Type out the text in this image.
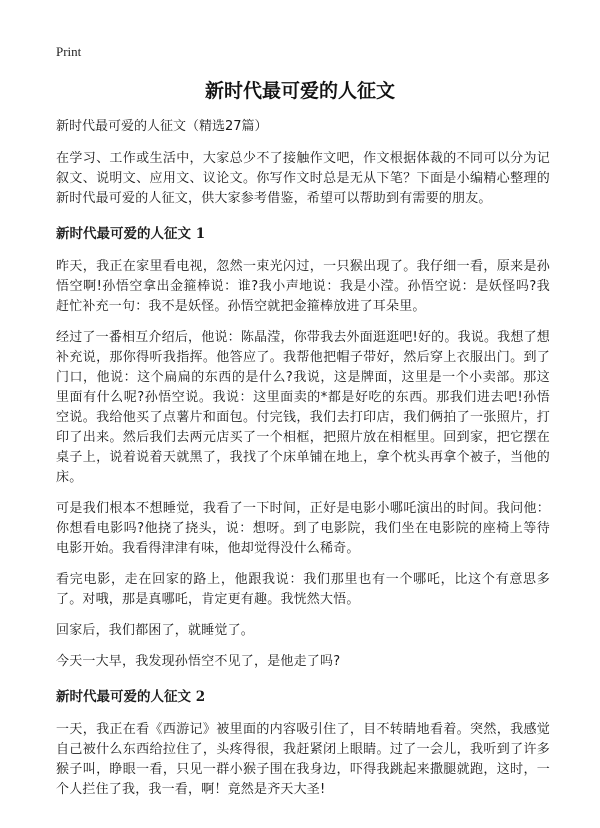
Print
新时代最可爱的人征文
新时代最可爱的人征文（精选27篇）

在学习、工作或生活中，大家总少不了接触作文吧，作文根据体裁的不同可以分为记叙文、说明文、应用文、议论文。你写作文时总是无从下笔？下面是小编精心整理的新时代最可爱的人征文，供大家参考借鉴，希望可以帮助到有需要的朋友。

新时代最可爱的人征文 1

昨天，我正在家里看电视，忽然一束光闪过，一只猴出现了。我仔细一看，原来是孙悟空啊!孙悟空拿出金箍棒说：谁?我小声地说：我是小滢。孙悟空说：是妖怪吗?我赶忙补充一句：我不是妖怪。孙悟空就把金箍棒放进了耳朵里。

经过了一番相互介绍后，他说：陈晶滢，你带我去外面逛逛吧!好的。我说。我想了想补充说，那你得听我指挥。他答应了。我帮他把帽子带好，然后穿上衣服出门。到了门口，他说：这个扁扁的东西的是什么?我说，这是牌面，这里是一个小卖部。那这里面有什么呢?孙悟空说。我说：这里面卖的*都是好吃的东西。那我们进去吧!孙悟空说。我给他买了点薯片和面包。付完钱，我们去打印店，我们俩拍了一张照片，打印了出来。然后我们去两元店买了一个相框，把照片放在相框里。回到家，把它摆在桌子上，说着说着天就黑了，我找了个床单铺在地上，拿个枕头再拿个被子，当他的床。

可是我们根本不想睡觉，我看了一下时间，正好是电影小哪吒演出的时间。我问他：你想看电影吗?他挠了挠头，说：想呀。到了电影院，我们坐在电影院的座椅上等待电影开始。我看得津津有味，他却觉得没什么稀奇。

看完电影，走在回家的路上，他跟我说：我们那里也有一个哪吒，比这个有意思多了。对哦，那是真哪吒，肯定更有趣。我恍然大悟。

回家后，我们都困了，就睡觉了。

今天一大早，我发现孙悟空不见了，是他走了吗?

新时代最可爱的人征文 2

一天，我正在看《西游记》被里面的内容吸引住了，目不转睛地看着。突然，我感觉自己被什么东西给拉住了，头疼得很，我赶紧闭上眼睛。过了一会儿，我听到了许多猴子叫，睁眼一看，只见一群小猴子围在我身边，吓得我跳起来撒腿就跑，这时，一个人拦住了我，我一看，啊！竟然是齐天大圣!
